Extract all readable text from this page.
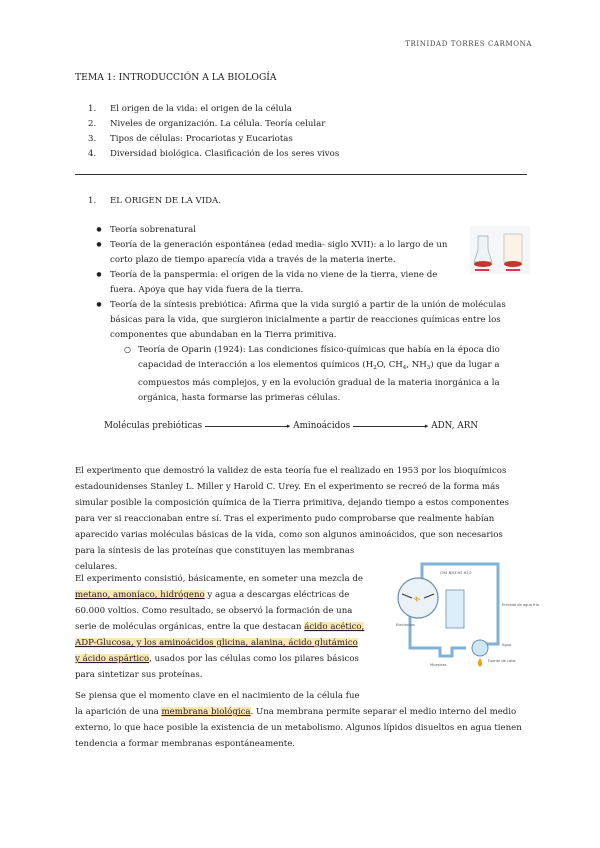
TRINIDAD TORRES CARMONA
TEMA 1: INTRODUCCIÓN A LA BIOLOGÍA
1. El origen de la vida: el origen de la célula
2. Niveles de organización. La célula. Teoría celular
3. Tipos de células: Procariotas y Eucariotas
4. Diversidad biológica. Clasificación de los seres vivos
1. EL ORIGEN DE LA VIDA.
● Teoría sobrenatural
● Teoría de la generación espontánea (edad media- siglo XVII): a lo largo de un
corto plazo de tiempo aparecía vida a través de la materia inerte.
● Teoría de la panspermia: el origen de la vida no viene de la tierra, viene de
fuera. Apoya que hay vida fuera de la tierra.
● Teoría de la síntesis prebiótica: Afirma que la vida surgió a partir de la unión de moléculas
básicas para la vida, que surgieron inicialmente a partir de reacciones químicas entre los
componentes que abundaban en la Tierra primitiva.
○ Teoría de Oparin (1924): Las condiciones físico-químicas que había en la época dio
capacidad de interacción a los elementos químicos ($H_2O$, $CH_4$, $NH_3$) que da lugar a
compuestos más complejos, y en la evolución gradual de la materia inorgánica a la
orgánica, hasta formarse las primeras células.
Moléculas prebióticas	▸ Aminoácidos	▸ ADN, ARN
El experimento que demostró la validez de esta teoría fue el realizado en 1953 por los bioquímicos
estadounidenses Stanley L. Miller y Harold C. Urey. En el experimento se recreó de la forma más
simular posible la composición química de la Tierra primitiva, dejando tiempo a estos componentes
para ver si reaccionaban entre sí. Tras el experimento pudo comprobarse que realmente habían
aparecido varias moléculas básicas de la vida, como son algunos aminoácidos, que son necesarios
para la síntesis de las proteínas que constituyen las membranas
celulares.
El experimento consistió, básicamente, en someter una mezcla de
metano, amoníaco, hidrógeno y agua a descargas eléctricas de
60.000 voltios. Como resultado, se observó la formación de una
serie de moléculas orgánicas, entre la que destacan ácido acético,
ADP-Glucosa, y los aminoácidos glicina, alanina, ácido glutámico
y ácido aspártico, usados por las células como los pilares básicos
para sintetizar sus proteínas.
CH4 NH3 H2 H2O
Electrodos
Entrada de agua fría
Agua
Fuente de calor
Muestras
Se piensa que el momento clave en el nacimiento de la célula fue
la aparición de una membrana biológica. Una membrana permite separar el medio interno del medio
externo, lo que hace posible la existencia de un metabolismo. Algunos lípidos disueltos en agua tienen
tendencia a formar membranas espontáneamente.
